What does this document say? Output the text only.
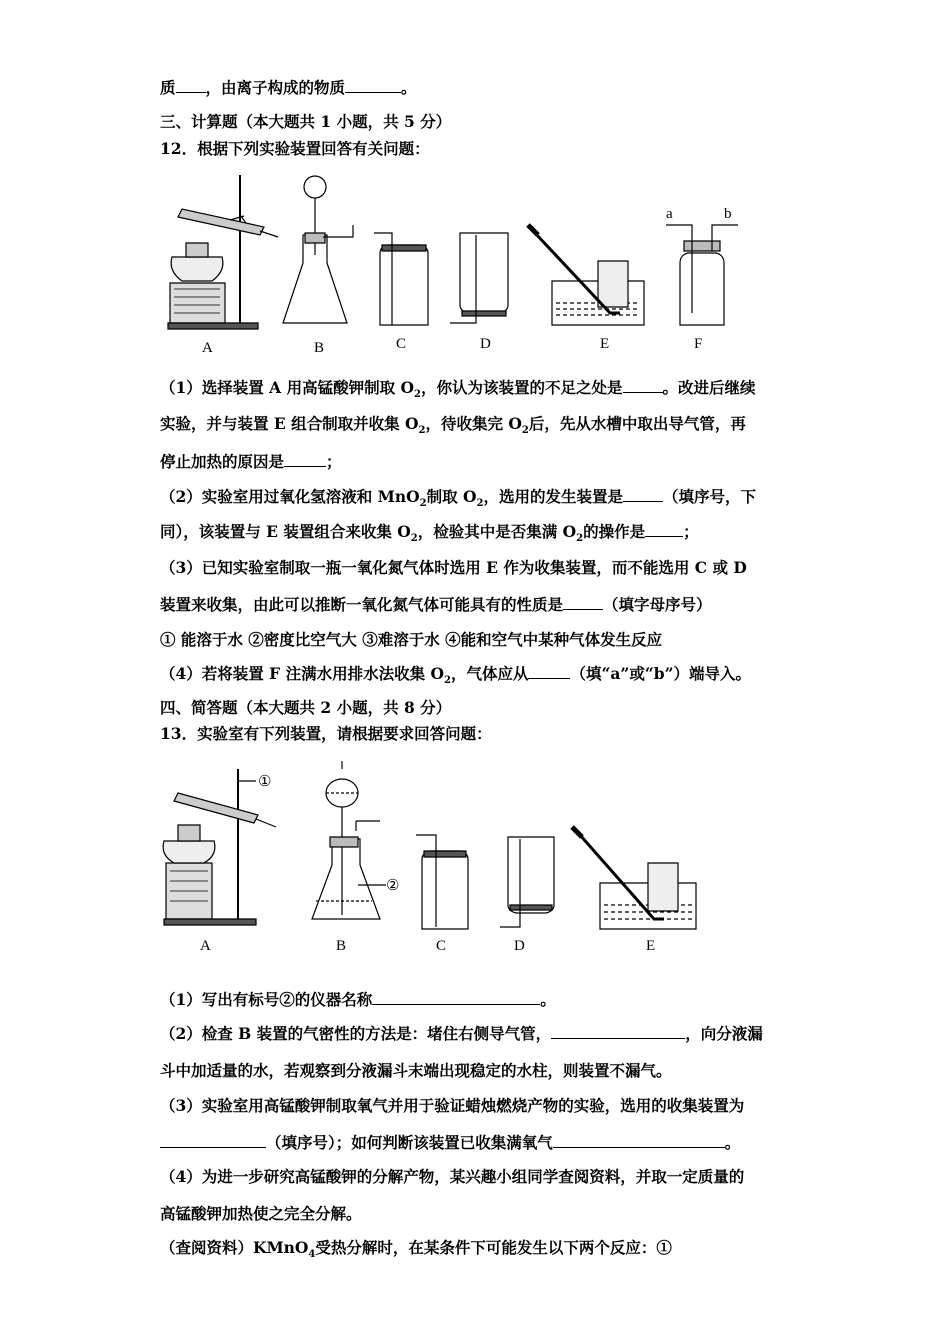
质 ，由离子构成的物质	。
三、计算题（本大题共 1 小题，共 5 分）
12．根据下列实验装置回答有关问题：
a	b
A	B	C	D	E	F
（1）选择装置 A 用高锰酸钾制取 $O_2$，你认为该装置的不足之处是	。改进后继续
实验，并与装置 E 组合制取并收集 $O_2$，待收集完 $O_2$后，先从水槽中取出导气管，再
停止加热的原因是	；
（2）实验室用过氧化氢溶液和 MnO$_2$制取 $O_2$，选用的发生装置是	（填序号，下
同），该装置与 E 装置组合来收集 $O_2$，检验其中是否集满 $O_2$的操作是 ；
（3）已知实验室制取一瓶一氧化氮气体时选用 E 作为收集装置，而不能选用 C 或 D
装置来收集，由此可以推断一氧化氮气体可能具有的性质是	（填字母序号）
① 能溶于水 ②密度比空气大 ③难溶于水 ④能和空气中某种气体发生反应
（4）若将装置 F 注满水用排水法收集 $O_2$，气体应从	（填“a”或“b”）端导入。
四、简答题（本大题共 2 小题，共 8 分）
13．实验室有下列装置，请根据要求回答问题：
①
②
A	B	C	D	E
（1）写出有标号②的仪器名称	。
（2）检查 B 装置的气密性的方法是：堵住右侧导气管，	，向分液漏
斗中加适量的水，若观察到分液漏斗末端出现稳定的水柱，则装置不漏气。
（3）实验室用高锰酸钾制取氧气并用于验证蜡烛燃烧产物的实验，选用的收集装置为
（填序号）；如何判断该装置已收集满氧气	。
（4）为进一步研究高锰酸钾的分解产物，某兴趣小组同学查阅资料，并取一定质量的
高锰酸钾加热使之完全分解。
（查阅资料）KMnO$_4$受热分解时，在某条件下可能发生以下两个反应：①
